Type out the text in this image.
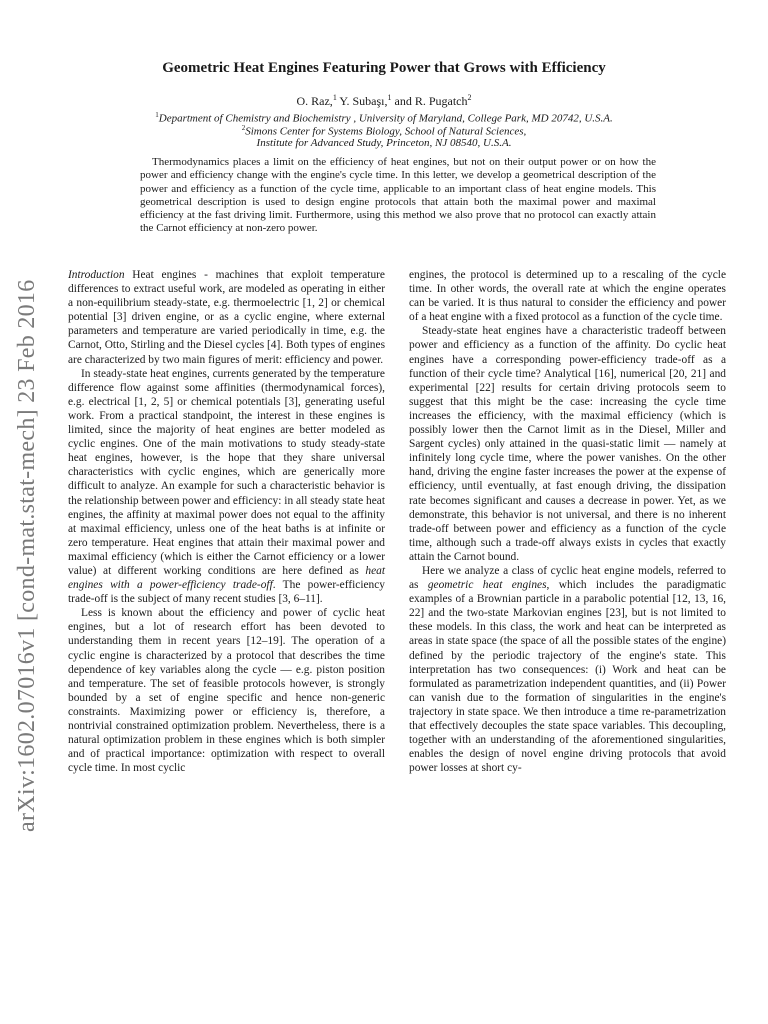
arXiv:1602.07016v1 [cond-mat.stat-mech] 23 Feb 2016
Geometric Heat Engines Featuring Power that Grows with Efficiency
O. Raz,$^1$ Y. Subaşı,$^1$ and R. Pugatch$^2$
$^1$Department of Chemistry and Biochemistry , University of Maryland, College Park, MD 20742, U.S.A.
$^2$Simons Center for Systems Biology, School of Natural Sciences,
Institute for Advanced Study, Princeton, NJ 08540, U.S.A.

Thermodynamics places a limit on the efficiency of heat engines, but not on their output power or on how the power and efficiency change with the engine's cycle time. In this letter, we develop a geometrical description of the power and efficiency as a function of the cycle time, applicable to an important class of heat engine models. This geometrical description is used to design engine protocols that attain both the maximal power and maximal efficiency at the fast driving limit. Furthermore, using this method we also prove that no protocol can exactly attain the Carnot efficiency at non-zero power.

Introduction Heat engines - machines that exploit temperature differences to extract useful work, are modeled as operating in either a non-equilibrium steady-state, e.g. thermoelectric [1, 2] or chemical potential [3] driven engine, or as a cyclic engine, where external parameters and temperature are varied periodically in time, e.g. the Carnot, Otto, Stirling and the Diesel cycles [4]. Both types of engines are characterized by two main figures of merit: efficiency and power.

In steady-state heat engines, currents generated by the temperature difference flow against some affinities (thermodynamical forces), e.g. electrical [1, 2, 5] or chemical potentials [3], generating useful work. From a practical standpoint, the interest in these engines is limited, since the majority of heat engines are better modeled as cyclic engines. One of the main motivations to study steady-state heat engines, however, is the hope that they share universal characteristics with cyclic engines, which are generically more difficult to analyze. An example for such a characteristic behavior is the relationship between power and efficiency: in all steady state heat engines, the affinity at maximal power does not equal to the affinity at maximal efficiency, unless one of the heat baths is at infinite or zero temperature. Heat engines that attain their maximal power and maximal efficiency (which is either the Carnot efficiency or a lower value) at different working conditions are here defined as heat engines with a power-efficiency trade-off. The power-efficiency trade-off is the subject of many recent studies [3, 6–11].

Less is known about the efficiency and power of cyclic heat engines, but a lot of research effort has been devoted to understanding them in recent years [12–19]. The operation of a cyclic engine is characterized by a protocol that describes the time dependence of key variables along the cycle — e.g. piston position and temperature. The set of feasible protocols however, is strongly bounded by a set of engine specific and hence non-generic constraints. Maximizing power or efficiency is, therefore, a nontrivial constrained optimization problem. Nevertheless, there is a natural optimization problem in these engines which is both simpler and of practical importance: optimization with respect to overall cycle time. In most cyclic

engines, the protocol is determined up to a rescaling of the cycle time. In other words, the overall rate at which the engine operates can be varied. It is thus natural to consider the efficiency and power of a heat engine with a fixed protocol as a function of the cycle time.

Steady-state heat engines have a characteristic tradeoff between power and efficiency as a function of the affinity. Do cyclic heat engines have a corresponding power-efficiency trade-off as a function of their cycle time? Analytical [16], numerical [20, 21] and experimental [22] results for certain driving protocols seem to suggest that this might be the case: increasing the cycle time increases the efficiency, with the maximal efficiency (which is possibly lower then the Carnot limit as in the Diesel, Miller and Sargent cycles) only attained in the quasi-static limit — namely at infinitely long cycle time, where the power vanishes. On the other hand, driving the engine faster increases the power at the expense of efficiency, until eventually, at fast enough driving, the dissipation rate becomes significant and causes a decrease in power. Yet, as we demonstrate, this behavior is not universal, and there is no inherent trade-off between power and efficiency as a function of the cycle time, although such a trade-off always exists in cycles that exactly attain the Carnot bound.

Here we analyze a class of cyclic heat engine models, referred to as geometric heat engines, which includes the paradigmatic examples of a Brownian particle in a parabolic potential [12, 13, 16, 22] and the two-state Markovian engines [23], but is not limited to these models. In this class, the work and heat can be interpreted as areas in state space (the space of all the possible states of the engine) defined by the periodic trajectory of the engine's state. This interpretation has two consequences: (i) Work and heat can be formulated as parametrization independent quantities, and (ii) Power can vanish due to the formation of singularities in the engine's trajectory in state space. We then introduce a time re-parametrization that effectively decouples the state space variables. This decoupling, together with an understanding of the aforementioned singularities, enables the design of novel engine driving protocols that avoid power losses at short cy-
